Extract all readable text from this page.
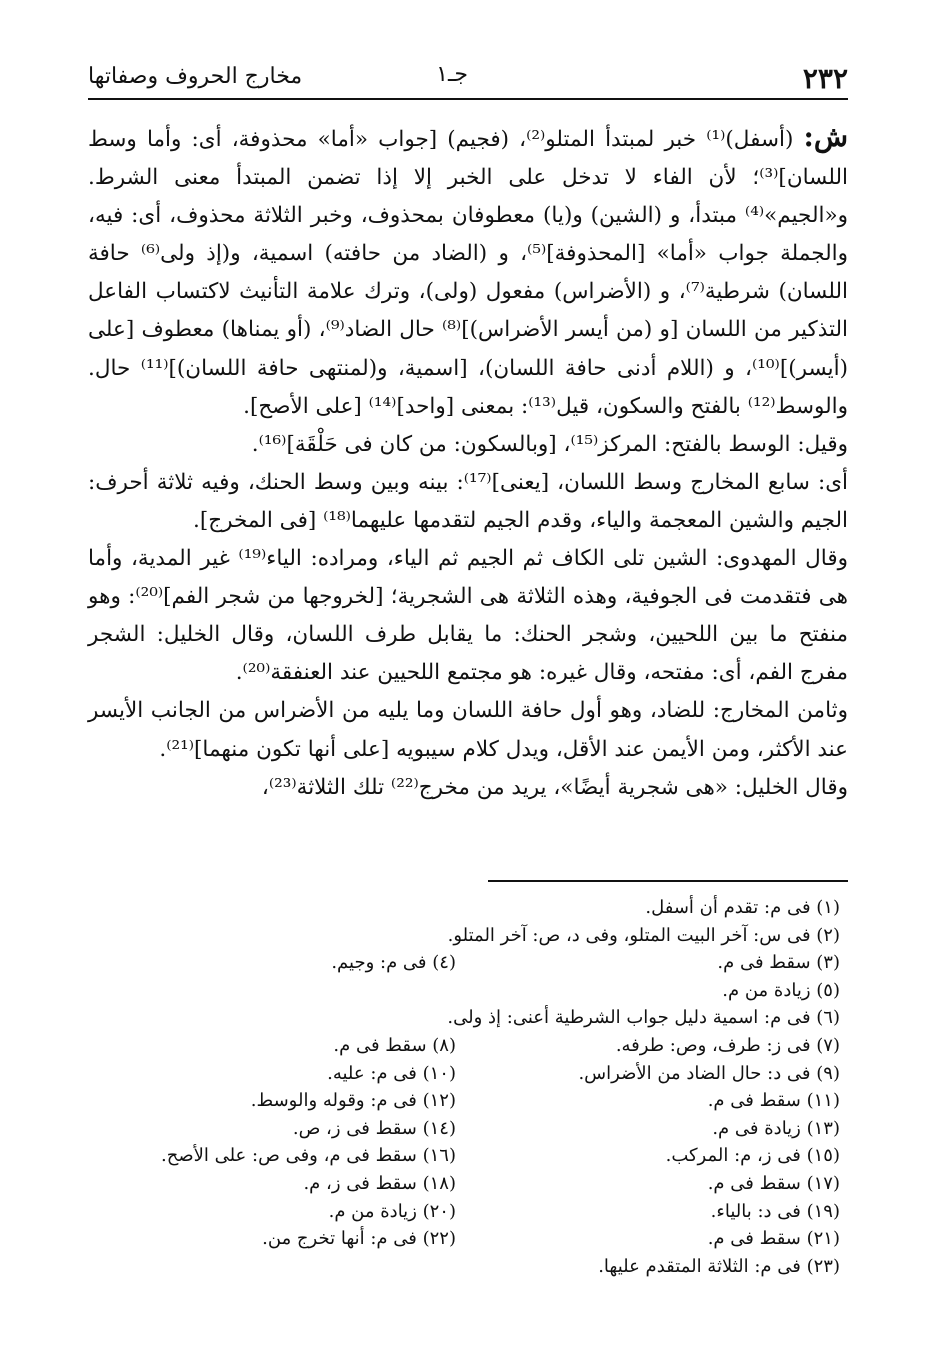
٢٣٢
جـ١
مخارج الحروف وصفاتها

ش: (أسفل)⁽¹⁾ خبر لمبتدأ المتلو⁽²⁾، (فجيم) [جواب «أما» محذوفة، أى: وأما وسط اللسان]⁽³⁾؛ لأن الفاء لا تدخل على الخبر إلا إذا تضمن المبتدأ معنى الشرط. و«الجيم»⁽⁴⁾ مبتدأ، و (الشين) و(يا) معطوفان بمحذوف، وخبر الثلاثة محذوف، أى: فيه، والجملة جواب «أما» [المحذوفة]⁽⁵⁾، و (الضاد من حافته) اسمية، و(إذ ولى⁽⁶⁾ حافة اللسان) شرطية⁽⁷⁾، و (الأضراس) مفعول (ولى)، وترك علامة التأنيث لاكتساب الفاعل التذكير من اللسان [و (من أيسر الأضراس)]⁽⁸⁾ حال الضاد⁽⁹⁾، (أو يمناها) معطوف [على (أيسر)]⁽¹⁰⁾، و (اللام أدنى حافة اللسان)، [اسمية، و(لمنتهى حافة اللسان)]⁽¹¹⁾ حال. والوسط⁽¹²⁾ بالفتح والسكون، قيل⁽¹³⁾: بمعنى [واحد]⁽¹⁴⁾ [على الأصح].

وقيل: الوسط بالفتح: المركز⁽¹⁵⁾، [وبالسكون: من كان فى حَلْقَة]⁽¹⁶⁾.

أى: سابع المخارج وسط اللسان، [يعنى]⁽¹⁷⁾: بينه وبين وسط الحنك، وفيه ثلاثة أحرف: الجيم والشين المعجمة والياء، وقدم الجيم لتقدمها عليهما⁽¹⁸⁾ [فى المخرج].

وقال المهدوى: الشين تلى الكاف ثم الجيم ثم الياء، ومراده: الياء⁽¹⁹⁾ غير المدية، وأما هى فتقدمت فى الجوفية، وهذه الثلاثة هى الشجرية؛ [لخروجها من شجر الفم]⁽²⁰⁾: وهو منفتح ما بين اللحيين، وشجر الحنك: ما يقابل طرف اللسان، وقال الخليل: الشجر مفرج الفم، أى: مفتحه، وقال غيره: هو مجتمع اللحيين عند العنفقة⁽²⁰⁾.

وثامن المخارج: للضاد، وهو أول حافة اللسان وما يليه من الأضراس من الجانب الأيسر عند الأكثر، ومن الأيمن عند الأقل، ويدل كلام سيبويه [على أنها تكون منهما]⁽²¹⁾.

وقال الخليل: «هى شجرية أيضًا»، يريد من مخرج⁽²²⁾ تلك الثلاثة⁽²³⁾،

(١) فى م: تقدم أن أسفل.
(٢) فى س: آخر البيت المتلو، وفى د، ص: آخر المتلو.
(٣) سقط فى م.
(٤) فى م: وجيم.
(٥) زيادة من م.
(٦) فى م: اسمية دليل جواب الشرطية أعنى: إذ ولى.
(٧) فى ز: طرف، وص: طرفه.
(٨) سقط فى م.
(٩) فى د: حال الضاد من الأضراس.
(١٠) فى م: عليه.
(١١) سقط فى م.
(١٢) فى م: وقوله والوسط.
(١٣) زيادة فى م.
(١٤) سقط فى ز، ص.
(١٥) فى ز، م: المركب.
(١٦) سقط فى م، وفى ص: على الأصح.
(١٧) سقط فى م.
(١٨) سقط فى ز، م.
(١٩) فى د: بالياء.
(٢٠) زيادة من م.
(٢١) سقط فى م.
(٢٢) فى م: أنها تخرج من.
(٢٣) فى م: الثلاثة المتقدم عليها.
